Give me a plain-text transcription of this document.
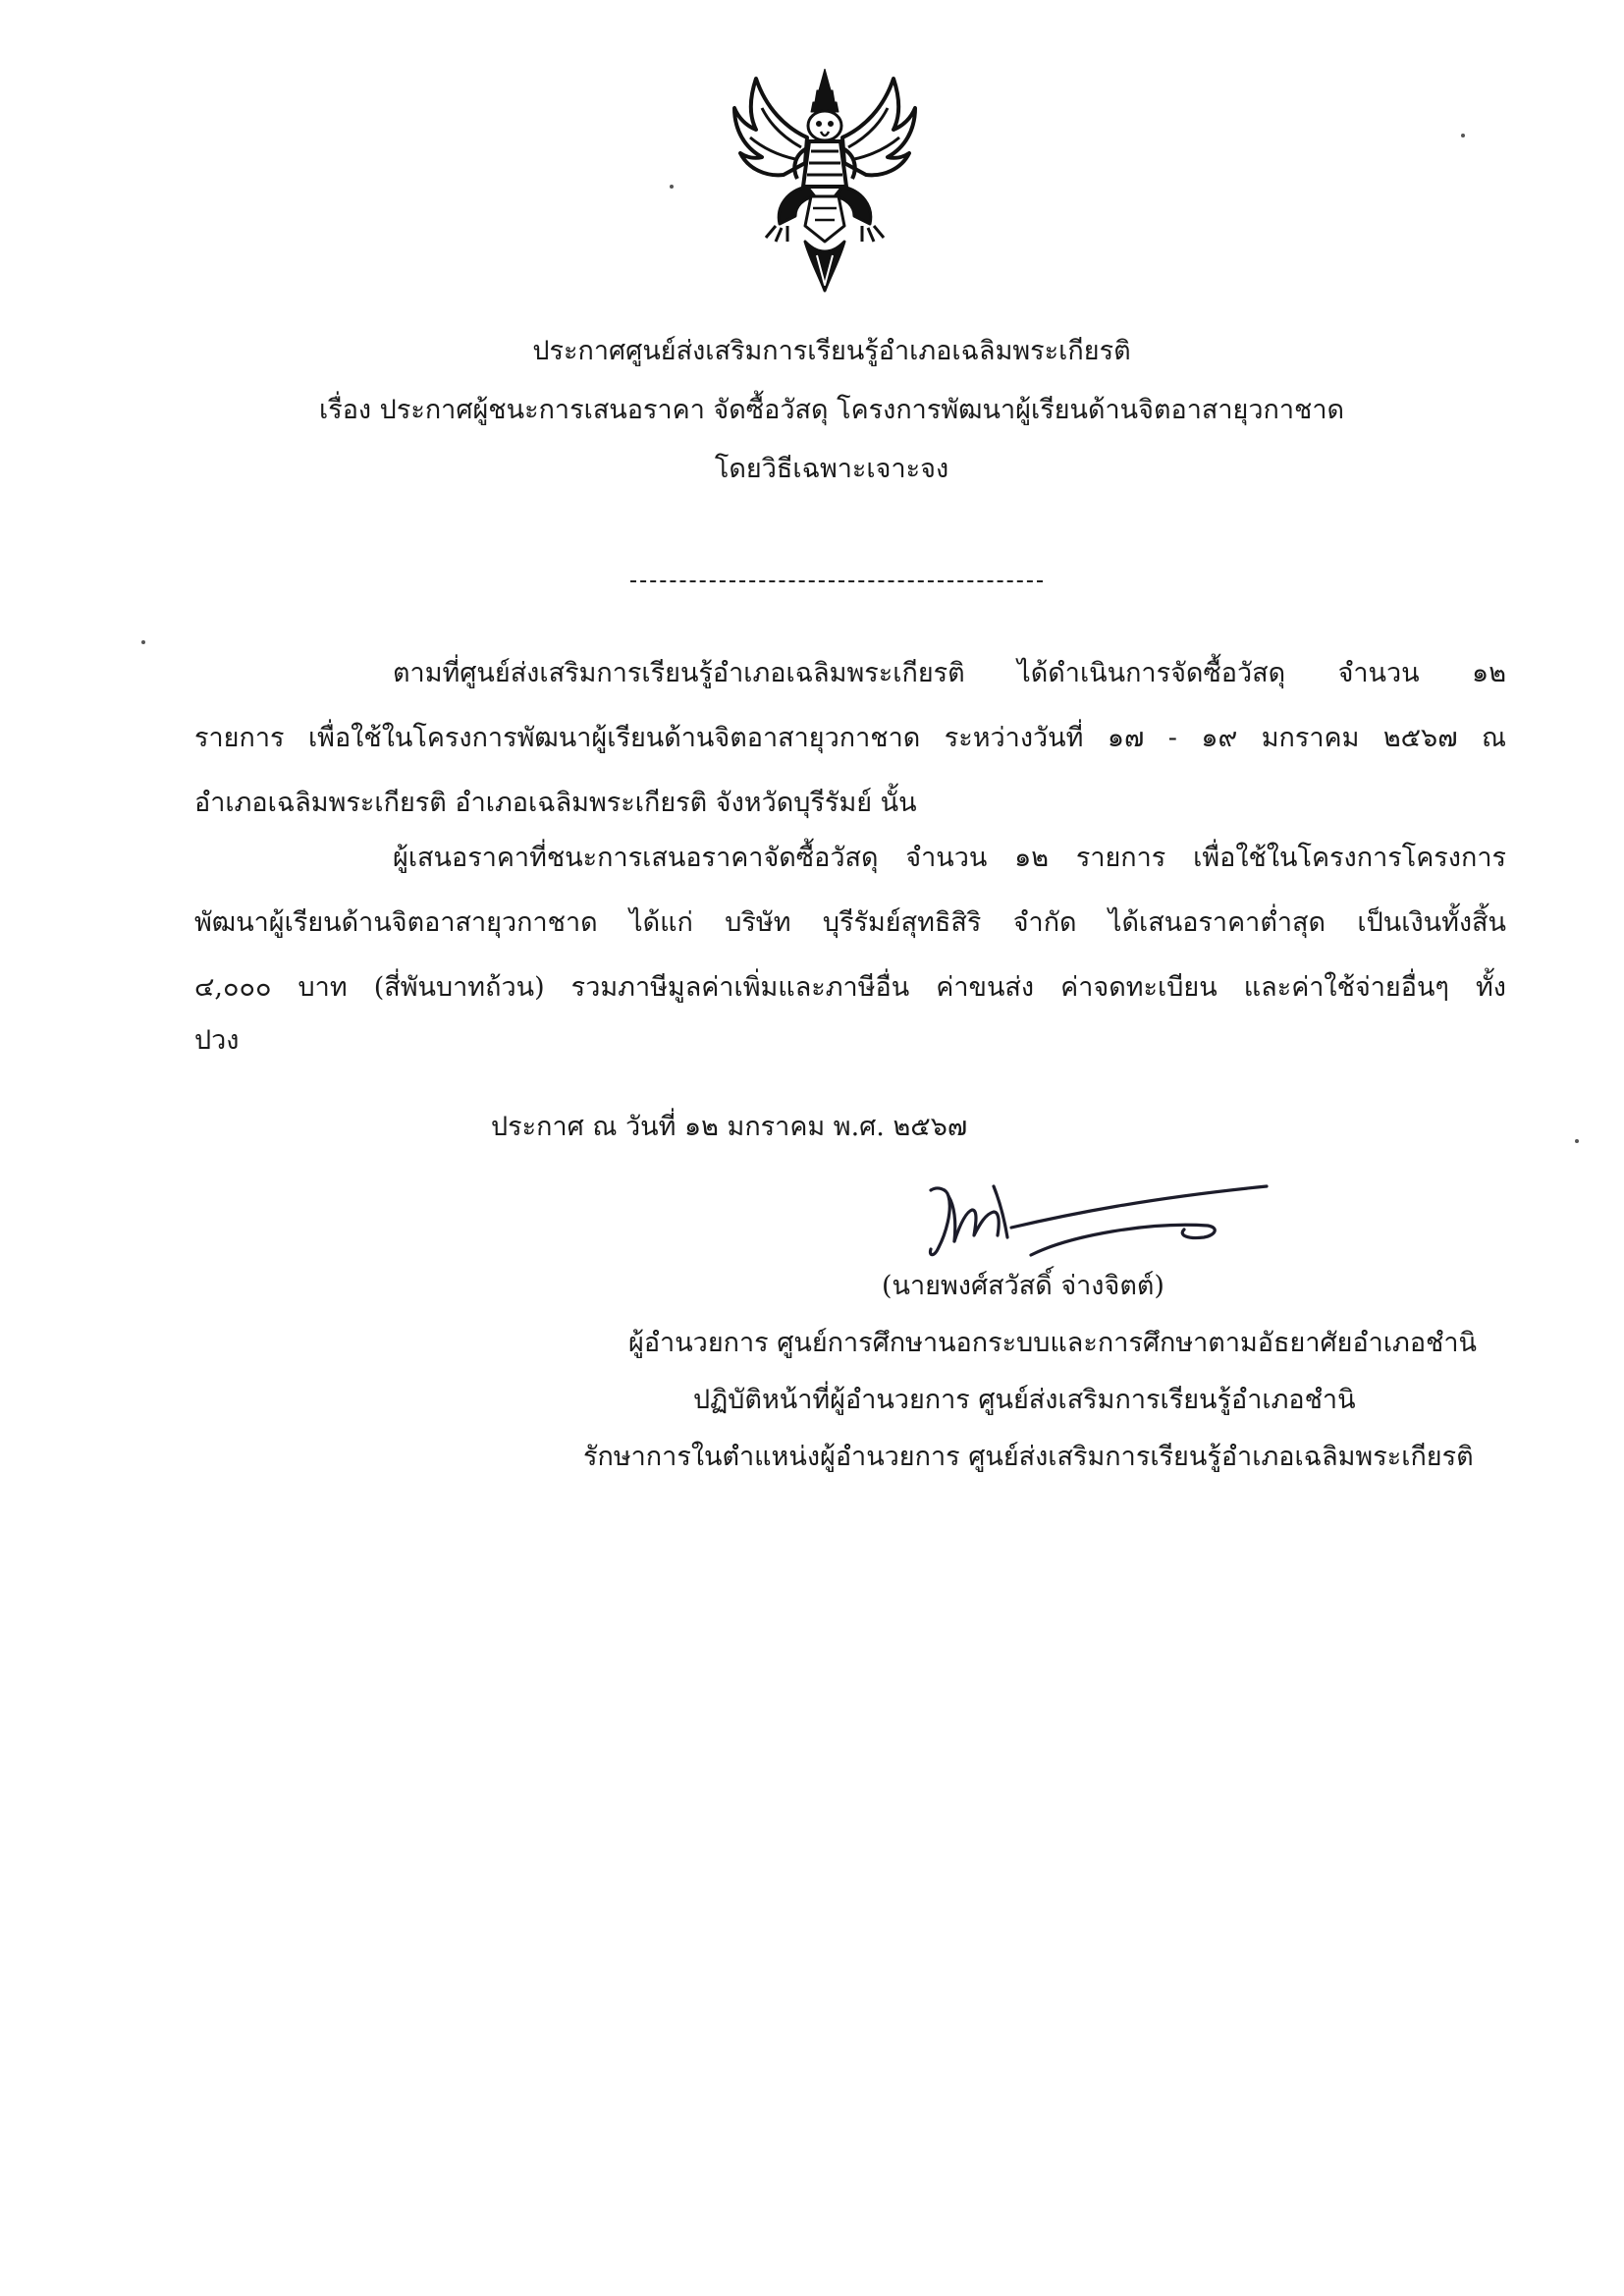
ประกาศศูนย์ส่งเสริมการเรียนรู้อำเภอเฉลิมพระเกียรติ
เรื่อง ประกาศผู้ชนะการเสนอราคา จัดซื้อวัสดุ โครงการพัฒนาผู้เรียนด้านจิตอาสายุวกาชาด
โดยวิธีเฉพาะเจาะจง
ตามที่ศูนย์ส่งเสริมการเรียนรู้อำเภอเฉลิมพระเกียรติ ได้ดำเนินการจัดซื้อวัสดุ จำนวน ๑๒
รายการ เพื่อใช้ในโครงการพัฒนาผู้เรียนด้านจิตอาสายุวกาชาด ระหว่างวันที่ ๑๗ - ๑๙ มกราคม ๒๕๖๗ ณ
อำเภอเฉลิมพระเกียรติ อำเภอเฉลิมพระเกียรติ จังหวัดบุรีรัมย์ นั้น
ผู้เสนอราคาที่ชนะการเสนอราคาจัดซื้อวัสดุ จำนวน ๑๒ รายการ เพื่อใช้ในโครงการโครงการ
พัฒนาผู้เรียนด้านจิตอาสายุวกาชาด ได้แก่ บริษัท บุรีรัมย์สุทธิสิริ จำกัด ได้เสนอราคาต่ำสุด เป็นเงินทั้งสิ้น
๔,๐๐๐ บาท (สี่พันบาทถ้วน) รวมภาษีมูลค่าเพิ่มและภาษีอื่น ค่าขนส่ง ค่าจดทะเบียน และค่าใช้จ่ายอื่นๆ ทั้ง
ปวง
ประกาศ ณ วันที่ ๑๒ มกราคม พ.ศ. ๒๕๖๗
(นายพงศ์สวัสดิ์ จ่างจิตต์)
ผู้อำนวยการ ศูนย์การศึกษานอกระบบและการศึกษาตามอัธยาศัยอำเภอชำนิ
ปฏิบัติหน้าที่ผู้อำนวยการ ศูนย์ส่งเสริมการเรียนรู้อำเภอชำนิ
รักษาการในตำแหน่งผู้อำนวยการ ศูนย์ส่งเสริมการเรียนรู้อำเภอเฉลิมพระเกียรติ
